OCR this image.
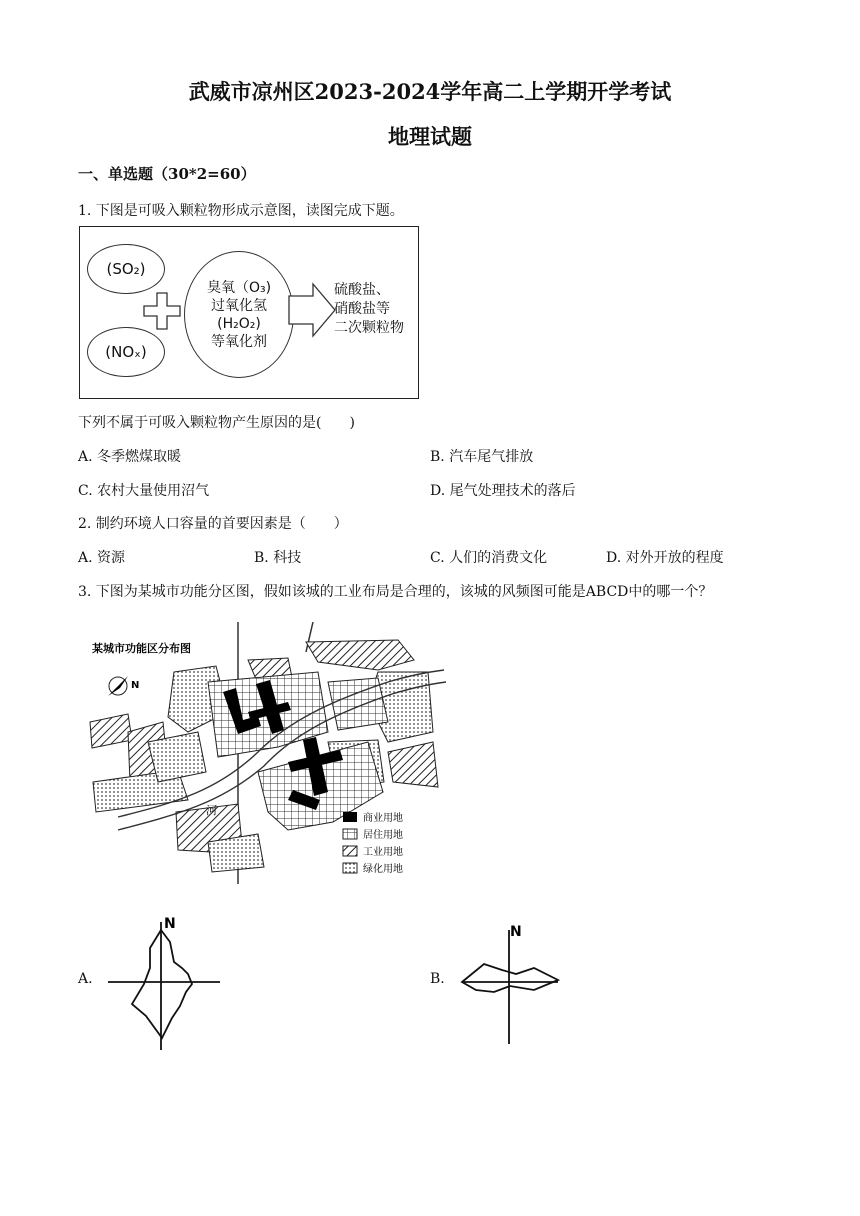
武威市凉州区2023-2024学年高二上学期开学考试
地理试题
一、单选题（30*2=60）
1. 下图是可吸入颗粒物形成示意图，读图完成下题。
(SO₂)
(NOₓ)
臭氧（O₃)
过氧化氢
(H₂O₂)
等氧化剂
硫酸盐、
硝酸盐等
二次颗粒物
下列不属于可吸入颗粒物产生原因的是(　　)
A. 冬季燃煤取暖	B. 汽车尾气排放
C. 农村大量使用沼气	D. 尾气处理技术的落后
2. 制约环境人口容量的首要因素是（　　）
A. 资源	B. 科技	C. 人们的消费文化	D. 对外开放的程度
3. 下图为某城市功能分区图，假如该城的工业布局是合理的，该城的风频图可能是ABCD中的哪一个？
河
某城市功能区分布图
N
商业用地
居住用地
工业用地
绿化用地
A.
N
B.
N
